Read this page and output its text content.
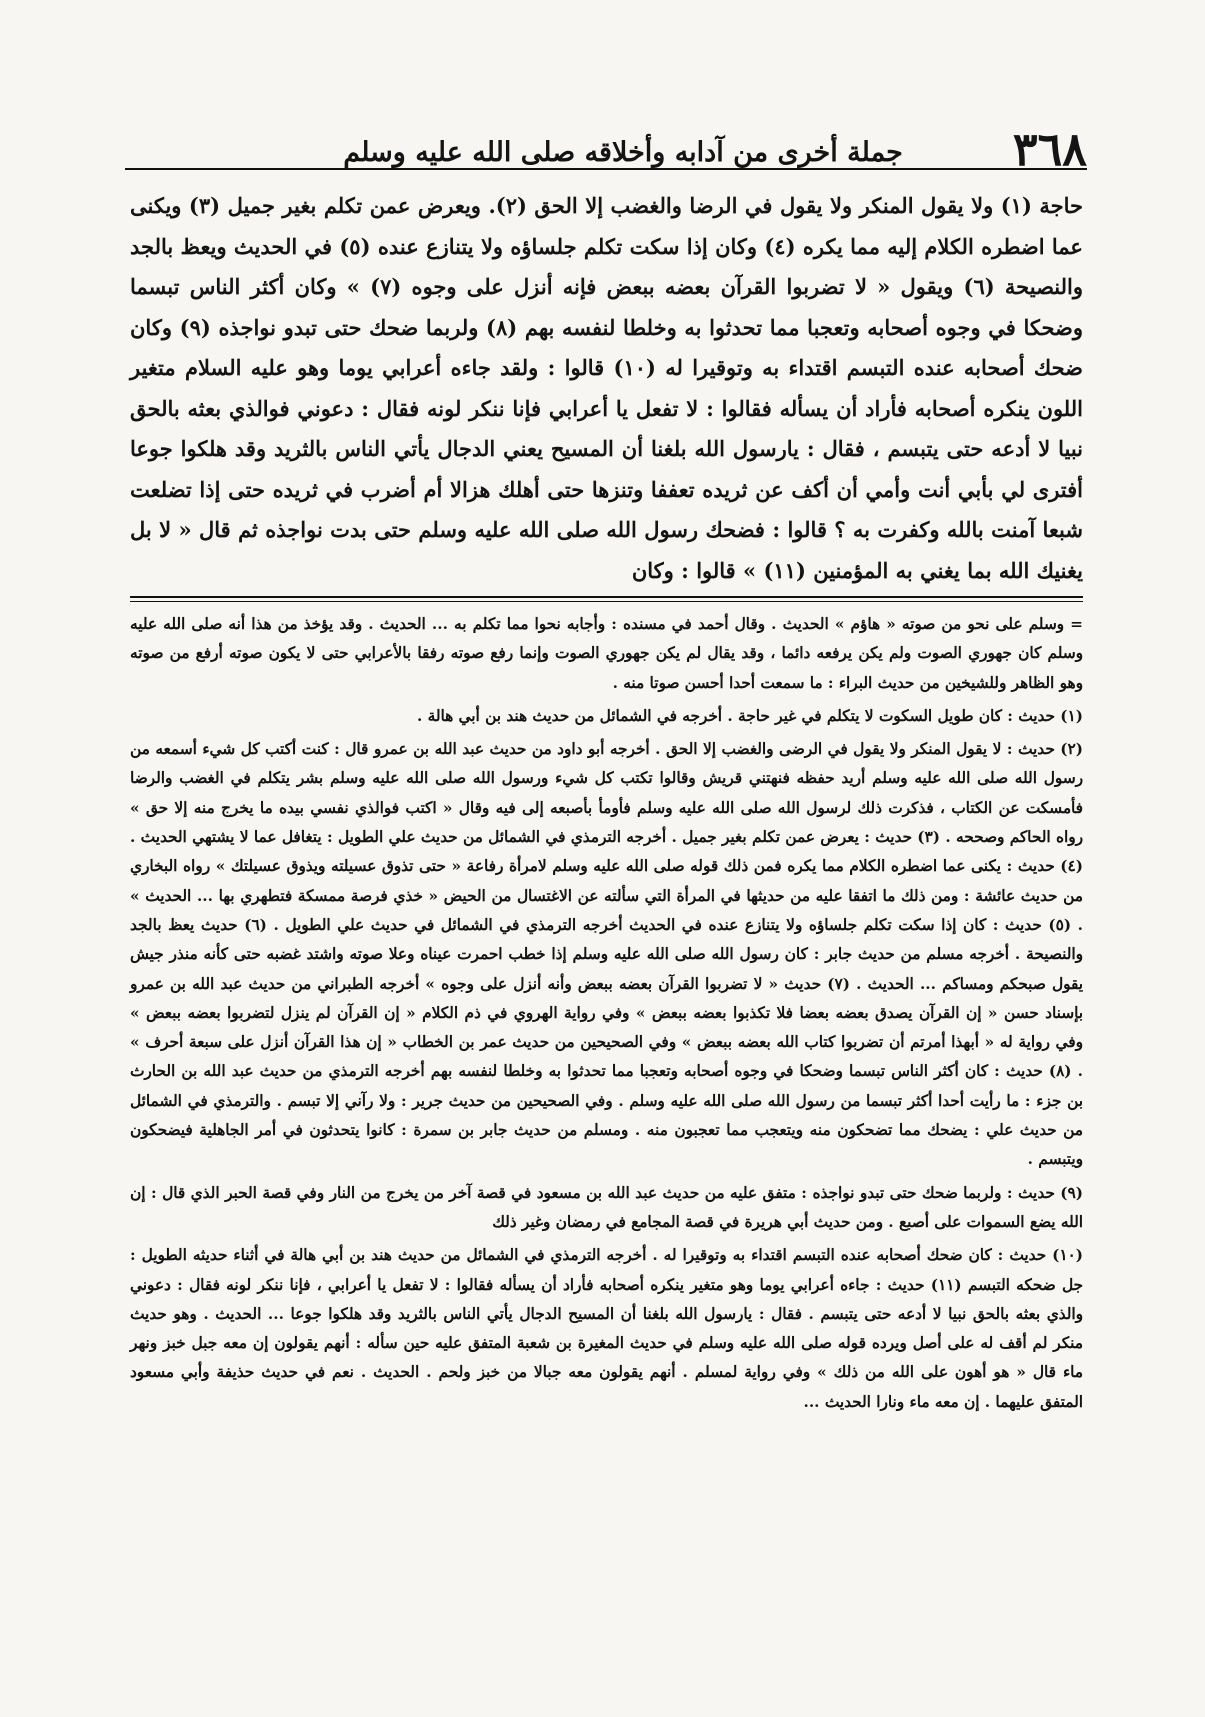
٣٦٨
جملة أخرى من آدابه وأخلاقه صلى الله عليه وسلم

حاجة (١) ولا يقول المنكر ولا يقول في الرضا والغضب إلا الحق (٢). ويعرض عمن تكلم بغير جميل (٣) ويكنى عما اضطره الكلام إليه مما يكره (٤) وكان إذا سكت تكلم جلساؤه ولا يتنازع عنده (٥) في الحديث ويعظ بالجد والنصيحة (٦) ويقول « لا تضربوا القرآن بعضه ببعض فإنه أنزل على وجوه (٧) » وكان أكثر الناس تبسما وضحكا في وجوه أصحابه وتعجبا مما تحدثوا به وخلطا لنفسه بهم (٨) ولربما ضحك حتى تبدو نواجذه (٩) وكان ضحك أصحابه عنده التبسم اقتداء به وتوقيرا له (١٠) قالوا : ولقد جاءه أعرابي يوما وهو عليه السلام متغير اللون ينكره أصحابه فأراد أن يسأله فقالوا : لا تفعل يا أعرابي فإنا ننكر لونه فقال : دعوني فوالذي بعثه بالحق نبيا لا أدعه حتى يتبسم ، فقال : يارسول الله بلغنا أن المسيح يعني الدجال يأتي الناس بالثريد وقد هلكوا جوعا أفترى لي بأبي أنت وأمي أن أكف عن ثريده تعففا وتنزها حتى أهلك هزالا أم أضرب في ثريده حتى إذا تضلعت شبعا آمنت بالله وكفرت به ؟ قالوا : فضحك رسول الله صلى الله عليه وسلم حتى بدت نواجذه ثم قال « لا بل يغنيك الله بما يغني به المؤمنين (١١) » قالوا : وكان

= وسلم على نحو من صوته « هاؤم » الحديث . وقال أحمد في مسنده : وأجابه نحوا مما تكلم به ... الحديث . وقد يؤخذ من هذا أنه صلى الله عليه وسلم كان جهوري الصوت ولم يكن يرفعه دائما ، وقد يقال لم يكن جهوري الصوت وإنما رفع صوته رفقا بالأعرابي حتى لا يكون صوته أرفع من صوته وهو الظاهر وللشيخين من حديث البراء : ما سمعت أحدا أحسن صوتا منه .

(١) حديث : كان طويل السكوت لا يتكلم في غير حاجة . أخرجه في الشمائل من حديث هند بن أبي هالة .

(٢) حديث : لا يقول المنكر ولا يقول في الرضى والغضب إلا الحق . أخرجه أبو داود من حديث عبد الله بن عمرو قال : كنت أكتب كل شيء أسمعه من رسول الله صلى الله عليه وسلم أريد حفظه فنهتني قريش وقالوا تكتب كل شيء ورسول الله صلى الله عليه وسلم بشر يتكلم في الغضب والرضا فأمسكت عن الكتاب ، فذكرت ذلك لرسول الله صلى الله عليه وسلم فأومأ بأصبعه إلى فيه وقال « اكتب فوالذي نفسي بيده ما يخرج منه إلا حق » رواه الحاكم وصححه . (٣) حديث : يعرض عمن تكلم بغير جميل . أخرجه الترمذي في الشمائل من حديث علي الطويل : يتغافل عما لا يشتهي الحديث . (٤) حديث : يكنى عما اضطره الكلام مما يكره فمن ذلك قوله صلى الله عليه وسلم لامرأة رفاعة « حتى تذوق عسيلته ويذوق عسيلتك » رواه البخاري من حديث عائشة : ومن ذلك ما اتفقا عليه من حديثها في المرأة التي سألته عن الاغتسال من الحيض « خذي فرصة ممسكة فتطهري بها ... الحديث » . (٥) حديث : كان إذا سكت تكلم جلساؤه ولا يتنازع عنده في الحديث أخرجه الترمذي في الشمائل في حديث علي الطويل . (٦) حديث يعظ بالجد والنصيحة . أخرجه مسلم من حديث جابر : كان رسول الله صلى الله عليه وسلم إذا خطب احمرت عيناه وعلا صوته واشتد غضبه حتى كأنه منذر جيش يقول صبحكم ومساكم ... الحديث . (٧) حديث « لا تضربوا القرآن بعضه ببعض وأنه أنزل على وجوه » أخرجه الطبراني من حديث عبد الله بن عمرو بإسناد حسن « إن القرآن يصدق بعضه بعضا فلا تكذبوا بعضه ببعض » وفي رواية الهروي في ذم الكلام « إن القرآن لم ينزل لتضربوا بعضه ببعض » وفي رواية له « أبهذا أمرتم أن تضربوا كتاب الله بعضه ببعض » وفي الصحيحين من حديث عمر بن الخطاب « إن هذا القرآن أنزل على سبعة أحرف » . (٨) حديث : كان أكثر الناس تبسما وضحكا في وجوه أصحابه وتعجبا مما تحدثوا به وخلطا لنفسه بهم أخرجه الترمذي من حديث عبد الله بن الحارث بن جزء : ما رأيت أحدا أكثر تبسما من رسول الله صلى الله عليه وسلم . وفي الصحيحين من حديث جرير : ولا رآني إلا تبسم . والترمذي في الشمائل من حديث علي : يضحك مما تضحكون منه ويتعجب مما تعجبون منه . ومسلم من حديث جابر بن سمرة : كانوا يتحدثون في أمر الجاهلية فيضحكون ويتبسم .

(٩) حديث : ولربما ضحك حتى تبدو نواجذه : متفق عليه من حديث عبد الله بن مسعود في قصة آخر من يخرج من النار وفي قصة الحبر الذي قال : إن الله يضع السموات على أصبع . ومن حديث أبي هريرة في قصة المجامع في رمضان وغير ذلك

(١٠) حديث : كان ضحك أصحابه عنده التبسم اقتداء به وتوقيرا له . أخرجه الترمذي في الشمائل من حديث هند بن أبي هالة في أثناء حديثه الطويل : جل ضحكه التبسم (١١) حديث : جاءه أعرابي يوما وهو متغير ينكره أصحابه فأراد أن يسأله فقالوا : لا تفعل يا أعرابي ، فإنا ننكر لونه فقال : دعوني والذي بعثه بالحق نبيا لا أدعه حتى يتبسم . فقال : يارسول الله بلغنا أن المسيح الدجال يأتي الناس بالثريد وقد هلكوا جوعا ... الحديث . وهو حديث منكر لم أقف له على أصل ويرده قوله صلى الله عليه وسلم في حديث المغيرة بن شعبة المتفق عليه حين سأله : أنهم يقولون إن معه جبل خبز ونهر ماء قال « هو أهون على الله من ذلك » وفي رواية لمسلم . أنهم يقولون معه جبالا من خبز ولحم . الحديث . نعم في حديث حذيفة وأبي مسعود المتفق عليهما . إن معه ماء ونارا الحديث ...
